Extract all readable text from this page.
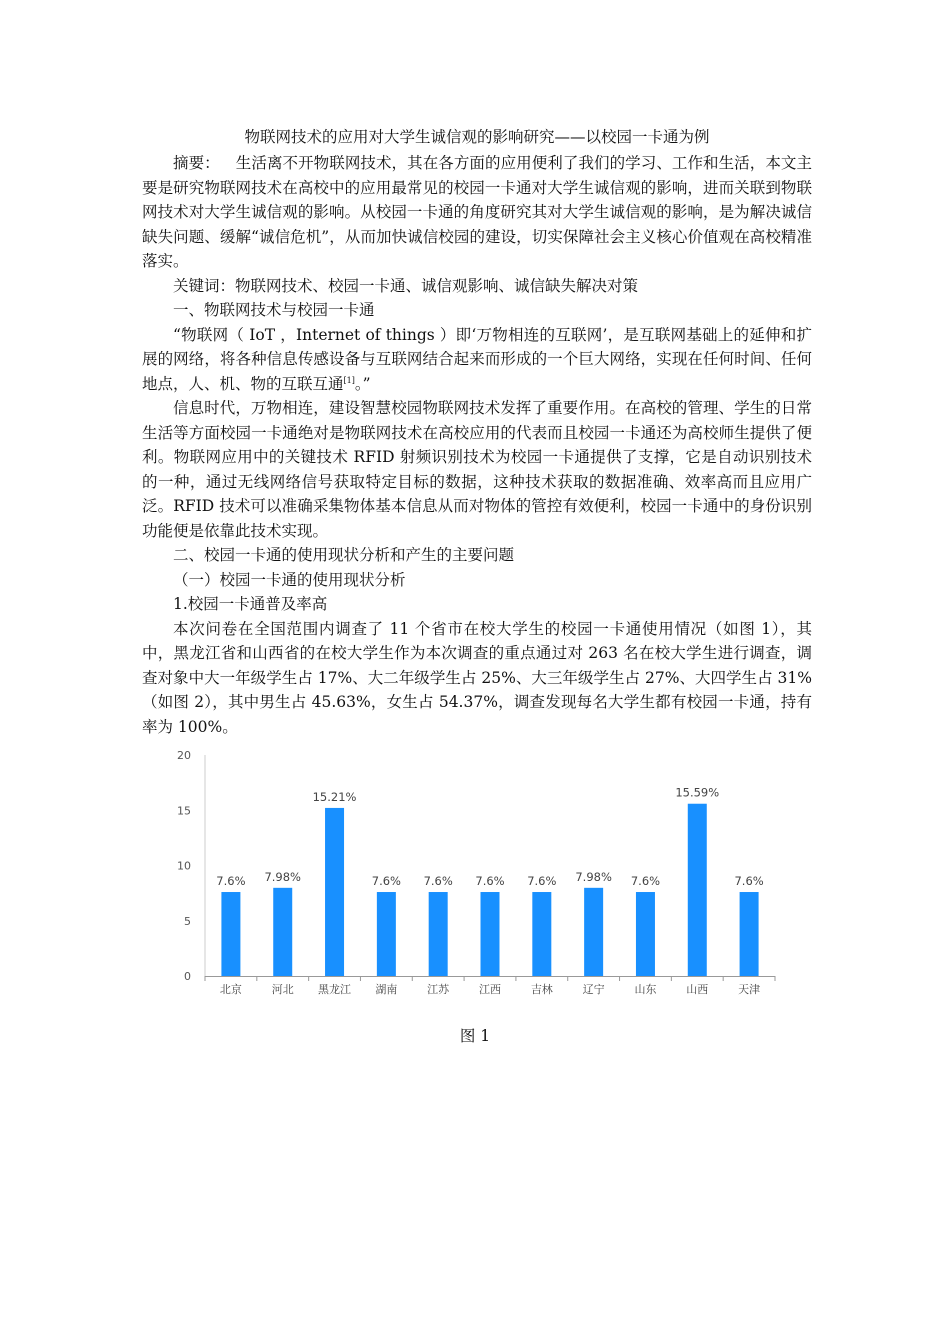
物联网技术的应用对大学生诚信观的影响研究——以校园一卡通为例

摘要： 生活离不开物联网技术，其在各方面的应用便利了我们的学习、工作和生活，本文主要是研究物联网技术在高校中的应用最常见的校园一卡通对大学生诚信观的影响，进而关联到物联网技术对大学生诚信观的影响。从校园一卡通的角度研究其对大学生诚信观的影响，是为解决诚信缺失问题、缓解“诚信危机”，从而加快诚信校园的建设，切实保障社会主义核心价值观在高校精准落实。

关键词：物联网技术、校园一卡通、诚信观影响、诚信缺失解决对策

一、物联网技术与校园一卡通

“物联网（ IoT ，Internet of things ）即‘万物相连的互联网’，是互联网基础上的延伸和扩展的网络，将各种信息传感设备与互联网结合起来而形成的一个巨大网络，实现在任何时间、任何地点，人、机、物的互联互通[1]。”

信息时代，万物相连，建设智慧校园物联网技术发挥了重要作用。在高校的管理、学生的日常生活等方面校园一卡通绝对是物联网技术在高校应用的代表而且校园一卡通还为高校师生提供了便利。物联网应用中的关键技术 RFID 射频识别技术为校园一卡通提供了支撑，它是自动识别技术的一种，通过无线网络信号获取特定目标的数据，这种技术获取的数据准确、效率高而且应用广泛。RFID 技术可以准确采集物体基本信息从而对物体的管控有效便利，校园一卡通中的身份识别功能便是依靠此技术实现。

二、校园一卡通的使用现状分析和产生的主要问题

（一）校园一卡通的使用现状分析

1.校园一卡通普及率高

本次问卷在全国范围内调查了 11 个省市在校大学生的校园一卡通使用情况（如图 1），其中，黑龙江省和山西省的在校大学生作为本次调查的重点通过对 263 名在校大学生进行调查，调查对象中大一年级学生占 17%、大二年级学生占 25%、大三年级学生占 27%、大四学生占 31%（如图 2），其中男生占 45.63%，女生占 54.37%，调查发现每名大学生都有校园一卡通，持有率为 100%。

0
5
10
15
20
北京
7.6%
河北
7.98%
黑龙江
15.21%
湖南
7.6%
江苏
7.6%
江西
7.6%
吉林
7.6%
辽宁
7.98%
山东
7.6%
山西
15.59%
天津
7.6%
图 1
